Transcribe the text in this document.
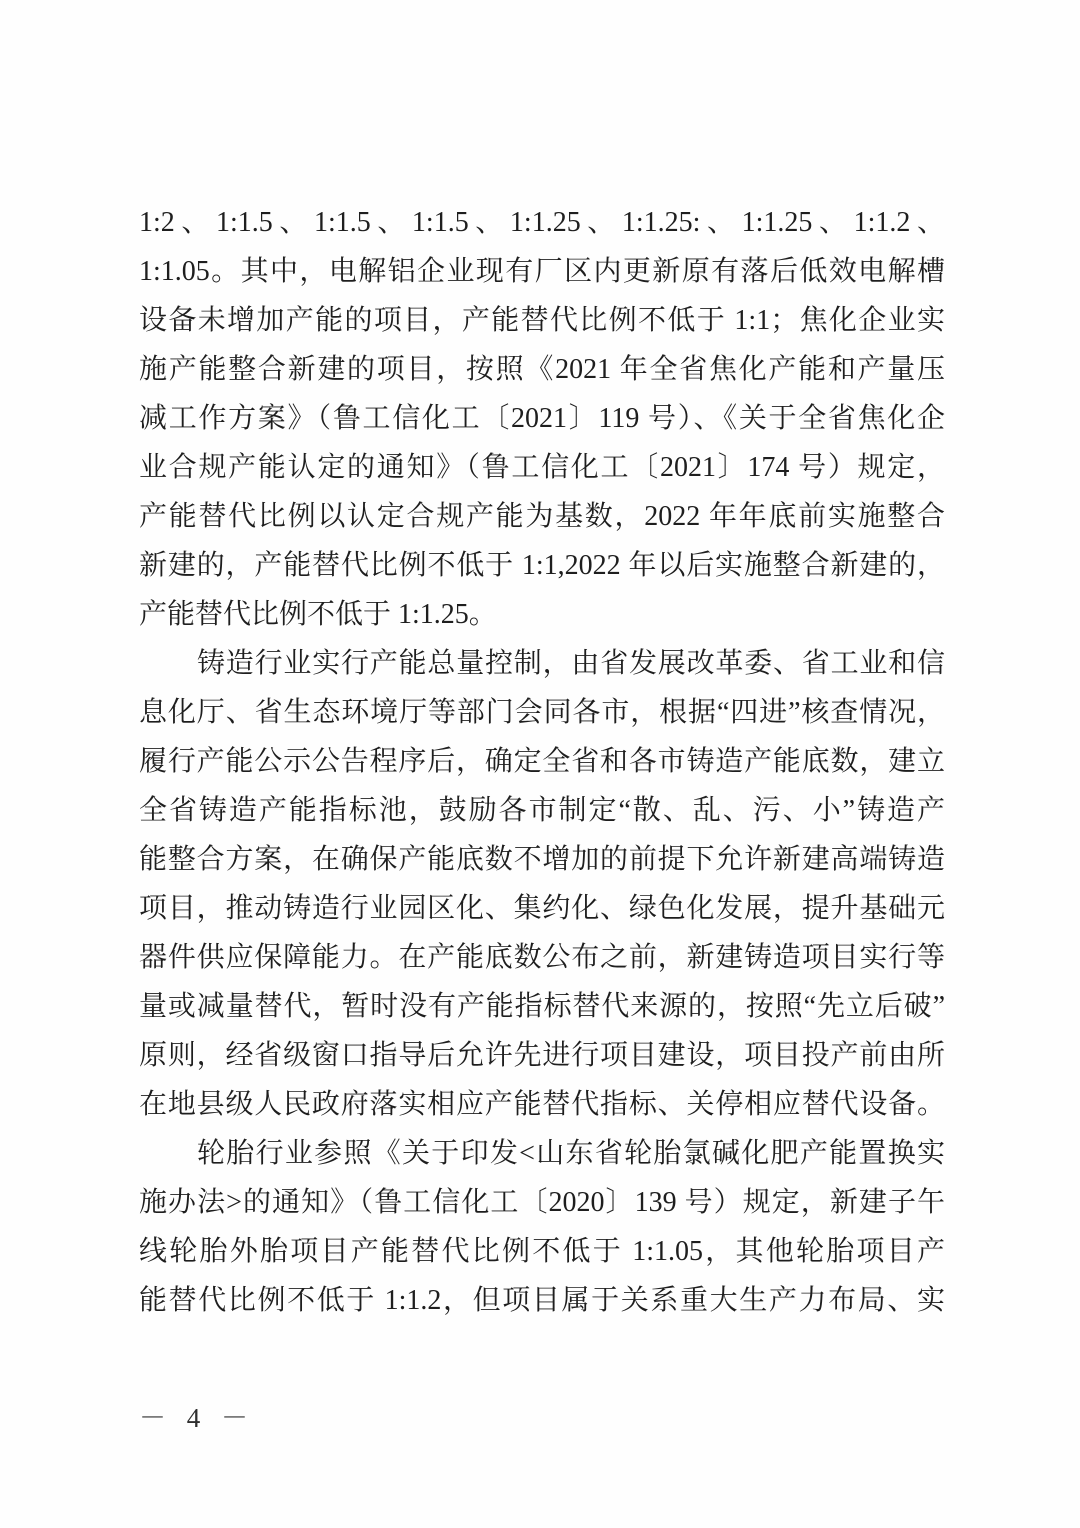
1:2、1:1.5、1:1.5、1:1.5、1:1.25、1:1.25:、1:1.25、1:1.2、
1:1.05。其中，电解铝企业现有厂区内更新原有落后低效电解槽
设备未增加产能的项目，产能替代比例不低于 1:1；焦化企业实
施产能整合新建的项目，按照《2021 年全省焦化产能和产量压
减工作方案》（鲁工信化工〔2021〕119 号）、《关于全省焦化企
业合规产能认定的通知》（鲁工信化工〔2021〕174 号）规定，
产能替代比例以认定合规产能为基数，2022 年年底前实施整合
新建的，产能替代比例不低于 1:1,2022 年以后实施整合新建的，
产能替代比例不低于 1:1.25。
铸造行业实行产能总量控制，由省发展改革委、省工业和信
息化厅、省生态环境厅等部门会同各市，根据“四进”核查情况，
履行产能公示公告程序后，确定全省和各市铸造产能底数，建立
全省铸造产能指标池，鼓励各市制定“散、乱、污、小”铸造产
能整合方案，在确保产能底数不增加的前提下允许新建高端铸造
项目，推动铸造行业园区化、集约化、绿色化发展，提升基础元
器件供应保障能力。在产能底数公布之前，新建铸造项目实行等
量或减量替代，暂时没有产能指标替代来源的，按照“先立后破”
原则，经省级窗口指导后允许先进行项目建设，项目投产前由所
在地县级人民政府落实相应产能替代指标、关停相应替代设备。
轮胎行业参照《关于印发<山东省轮胎氯碱化肥产能置换实
施办法>的通知》（鲁工信化工〔2020〕139 号）规定，新建子午
线轮胎外胎项目产能替代比例不低于 1:1.05，其他轮胎项目产
能替代比例不低于 1:1.2，但项目属于关系重大生产力布局、实
－ 4 －
